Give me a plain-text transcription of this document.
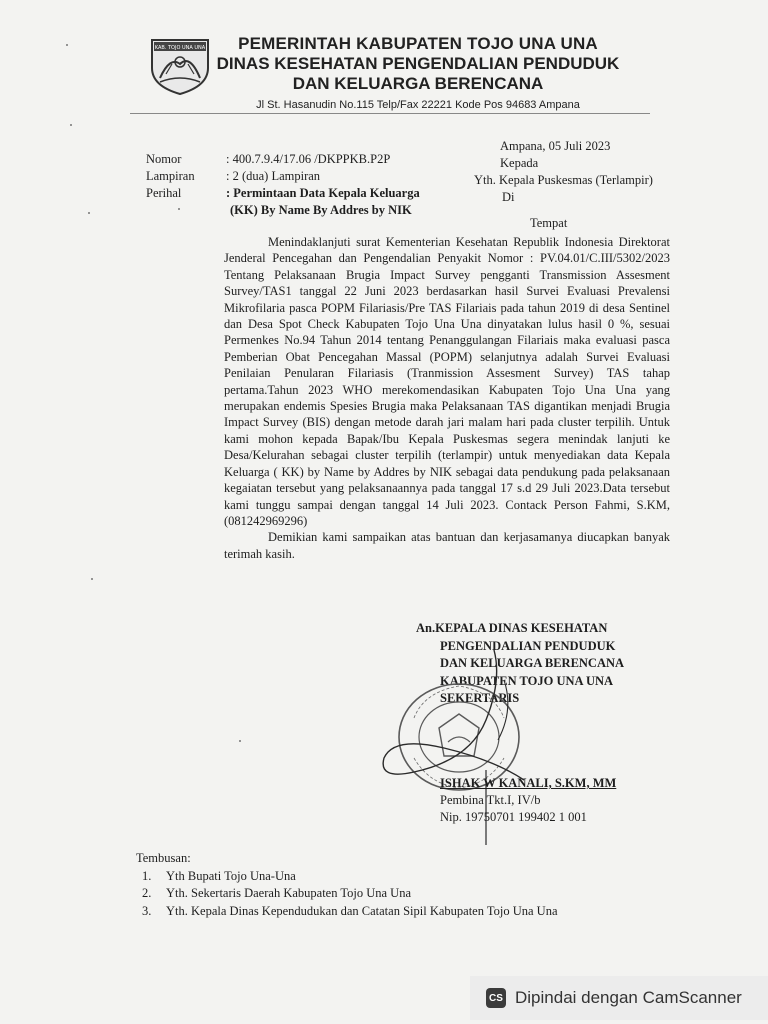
KAB. TOJO UNA UNA	PEMERINTAH KABUPATEN TOJO UNA UNA
DINAS KESEHATAN PENGENDALIAN PENDUDUK
DAN KELUARGA BERENCANA
Jl St. Hasanudin No.115 Telp/Fax 22221 Kode Pos 94683 Ampana
Ampana, 05 Juli 2023
Kepada
Yth. Kepala Puskesmas (Terlampir)
Di
Tempat
Nomor	: 400.7.9.4/17.06 /DKPPKB.P2P
Lampiran	: 2 (dua) Lampiran
Perihal	: Permintaan Data Kepala Keluarga
(KK) By Name By Addres by NIK

Menindaklanjuti surat Kementerian Kesehatan Republik Indonesia Direktorat Jenderal Pencegahan dan Pengendalian Penyakit Nomor : PV.04.01/C.III/5302/2023 Tentang Pelaksanaan Brugia Impact Survey pengganti Transmission Assesment Survey/TAS1 tanggal 22 Juni 2023 berdasarkan hasil Survei Evaluasi Prevalensi Mikrofilaria pasca POPM Filariasis/Pre TAS Filariais pada tahun 2019 di desa Sentinel dan Desa Spot Check Kabupaten Tojo Una Una dinyatakan lulus hasil 0 %, sesuai Permenkes No.94 Tahun 2014 tentang Penanggulangan Filariais maka evaluasi pasca Pemberian Obat Pencegahan Massal (POPM) selanjutnya adalah Survei Evaluasi Penilaian Penularan Filariasis (Tranmission Assesment Survey) TAS tahap pertama.Tahun 2023 WHO merekomendasikan Kabupaten Tojo Una Una yang merupakan endemis Spesies Brugia maka Pelaksanaan TAS digantikan menjadi Brugia Impact Survey (BIS) dengan metode darah jari malam hari pada cluster terpilih. Untuk kami mohon kepada Bapak/Ibu Kepala Puskesmas segera menindak lanjuti ke Desa/Kelurahan sebagai cluster terpilih (terlampir) untuk menyediakan data Kepala Keluarga ( KK) by Name by Addres by NIK sebagai data pendukung pada pelaksanaan kegaiatan tersebut yang pelaksanaannya pada tanggal 17 s.d 29 Juli 2023.Data tersebut kami tunggu sampai dengan tanggal 14 Juli 2023. Contack Person Fahmi, S.KM,(081242969296)

Demikian kami sampaikan atas bantuan dan kerjasamanya diucapkan banyak terimah kasih.

An.KEPALA DINAS KESEHATAN
PENGENDALIAN PENDUDUK
DAN KELUARGA BERENCANA
KABUPATEN TOJO UNA UNA
SEKERTARIS
ISHAK W KANALI, S.KM, MM
Pembina Tkt.I, IV/b
Nip. 19750701 199402 1 001
Tembusan:
1.	Yth Bupati Tojo Una-Una
2.	Yth. Sekertaris Daerah Kabupaten Tojo Una Una
3.	Yth. Kepala Dinas Kependudukan dan Catatan Sipil Kabupaten Tojo Una Una
CS Dipindai dengan CamScanner
